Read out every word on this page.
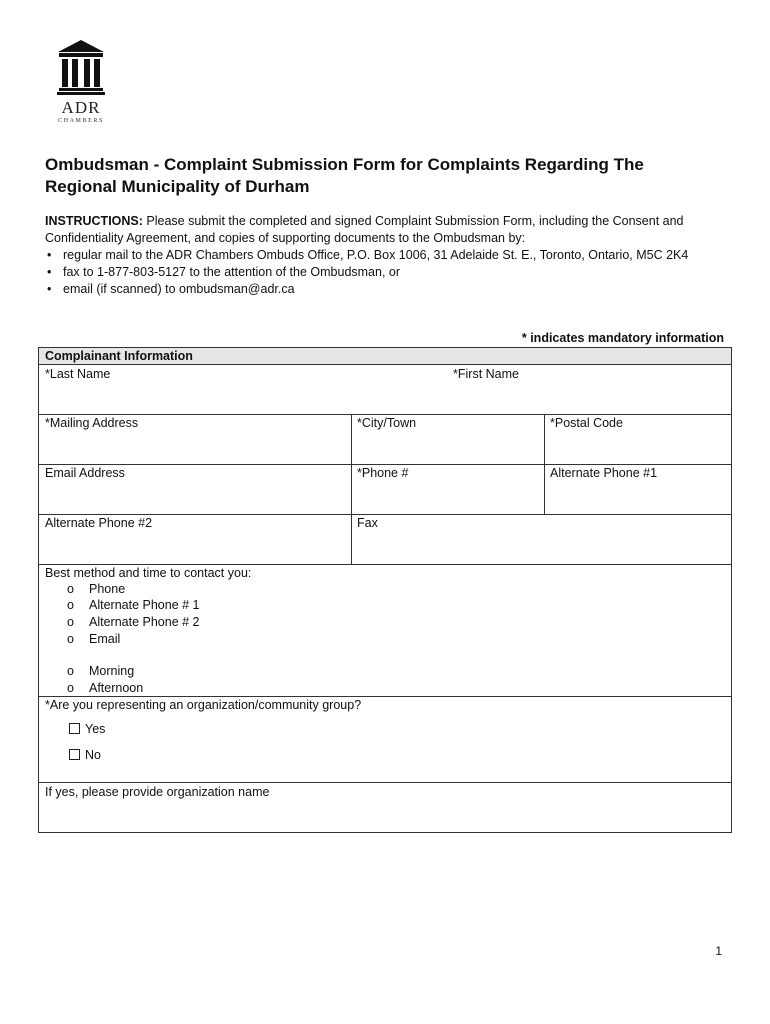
ADR
CHAMBERS
Ombudsman - Complaint Submission Form for Complaints Regarding The Regional Municipality of Durham
INSTRUCTIONS: Please submit the completed and signed Complaint Submission Form, including the Consent and Confidentiality Agreement, and copies of supporting documents to the Ombudsman by:
• regular mail to the ADR Chambers Ombuds Office, P.O. Box 1006, 31 Adelaide St. E., Toronto, Ontario, M5C 2K4
• fax to 1-877-803-5127 to the attention of the Ombudsman, or
• email (if scanned) to ombudsman@adr.ca
* indicates mandatory information
Complainant Information
*Last Name	*First Name
*Mailing Address	*City/Town	*Postal Code
Email Address	*Phone #	Alternate Phone #1
Alternate Phone #2	Fax
Best method and time to contact you:
o Phone
o Alternate Phone # 1
o Alternate Phone # 2
o Email
o Morning
o Afternoon
*Are you representing an organization/community group?
Yes
No
If yes, please provide organization name
1
